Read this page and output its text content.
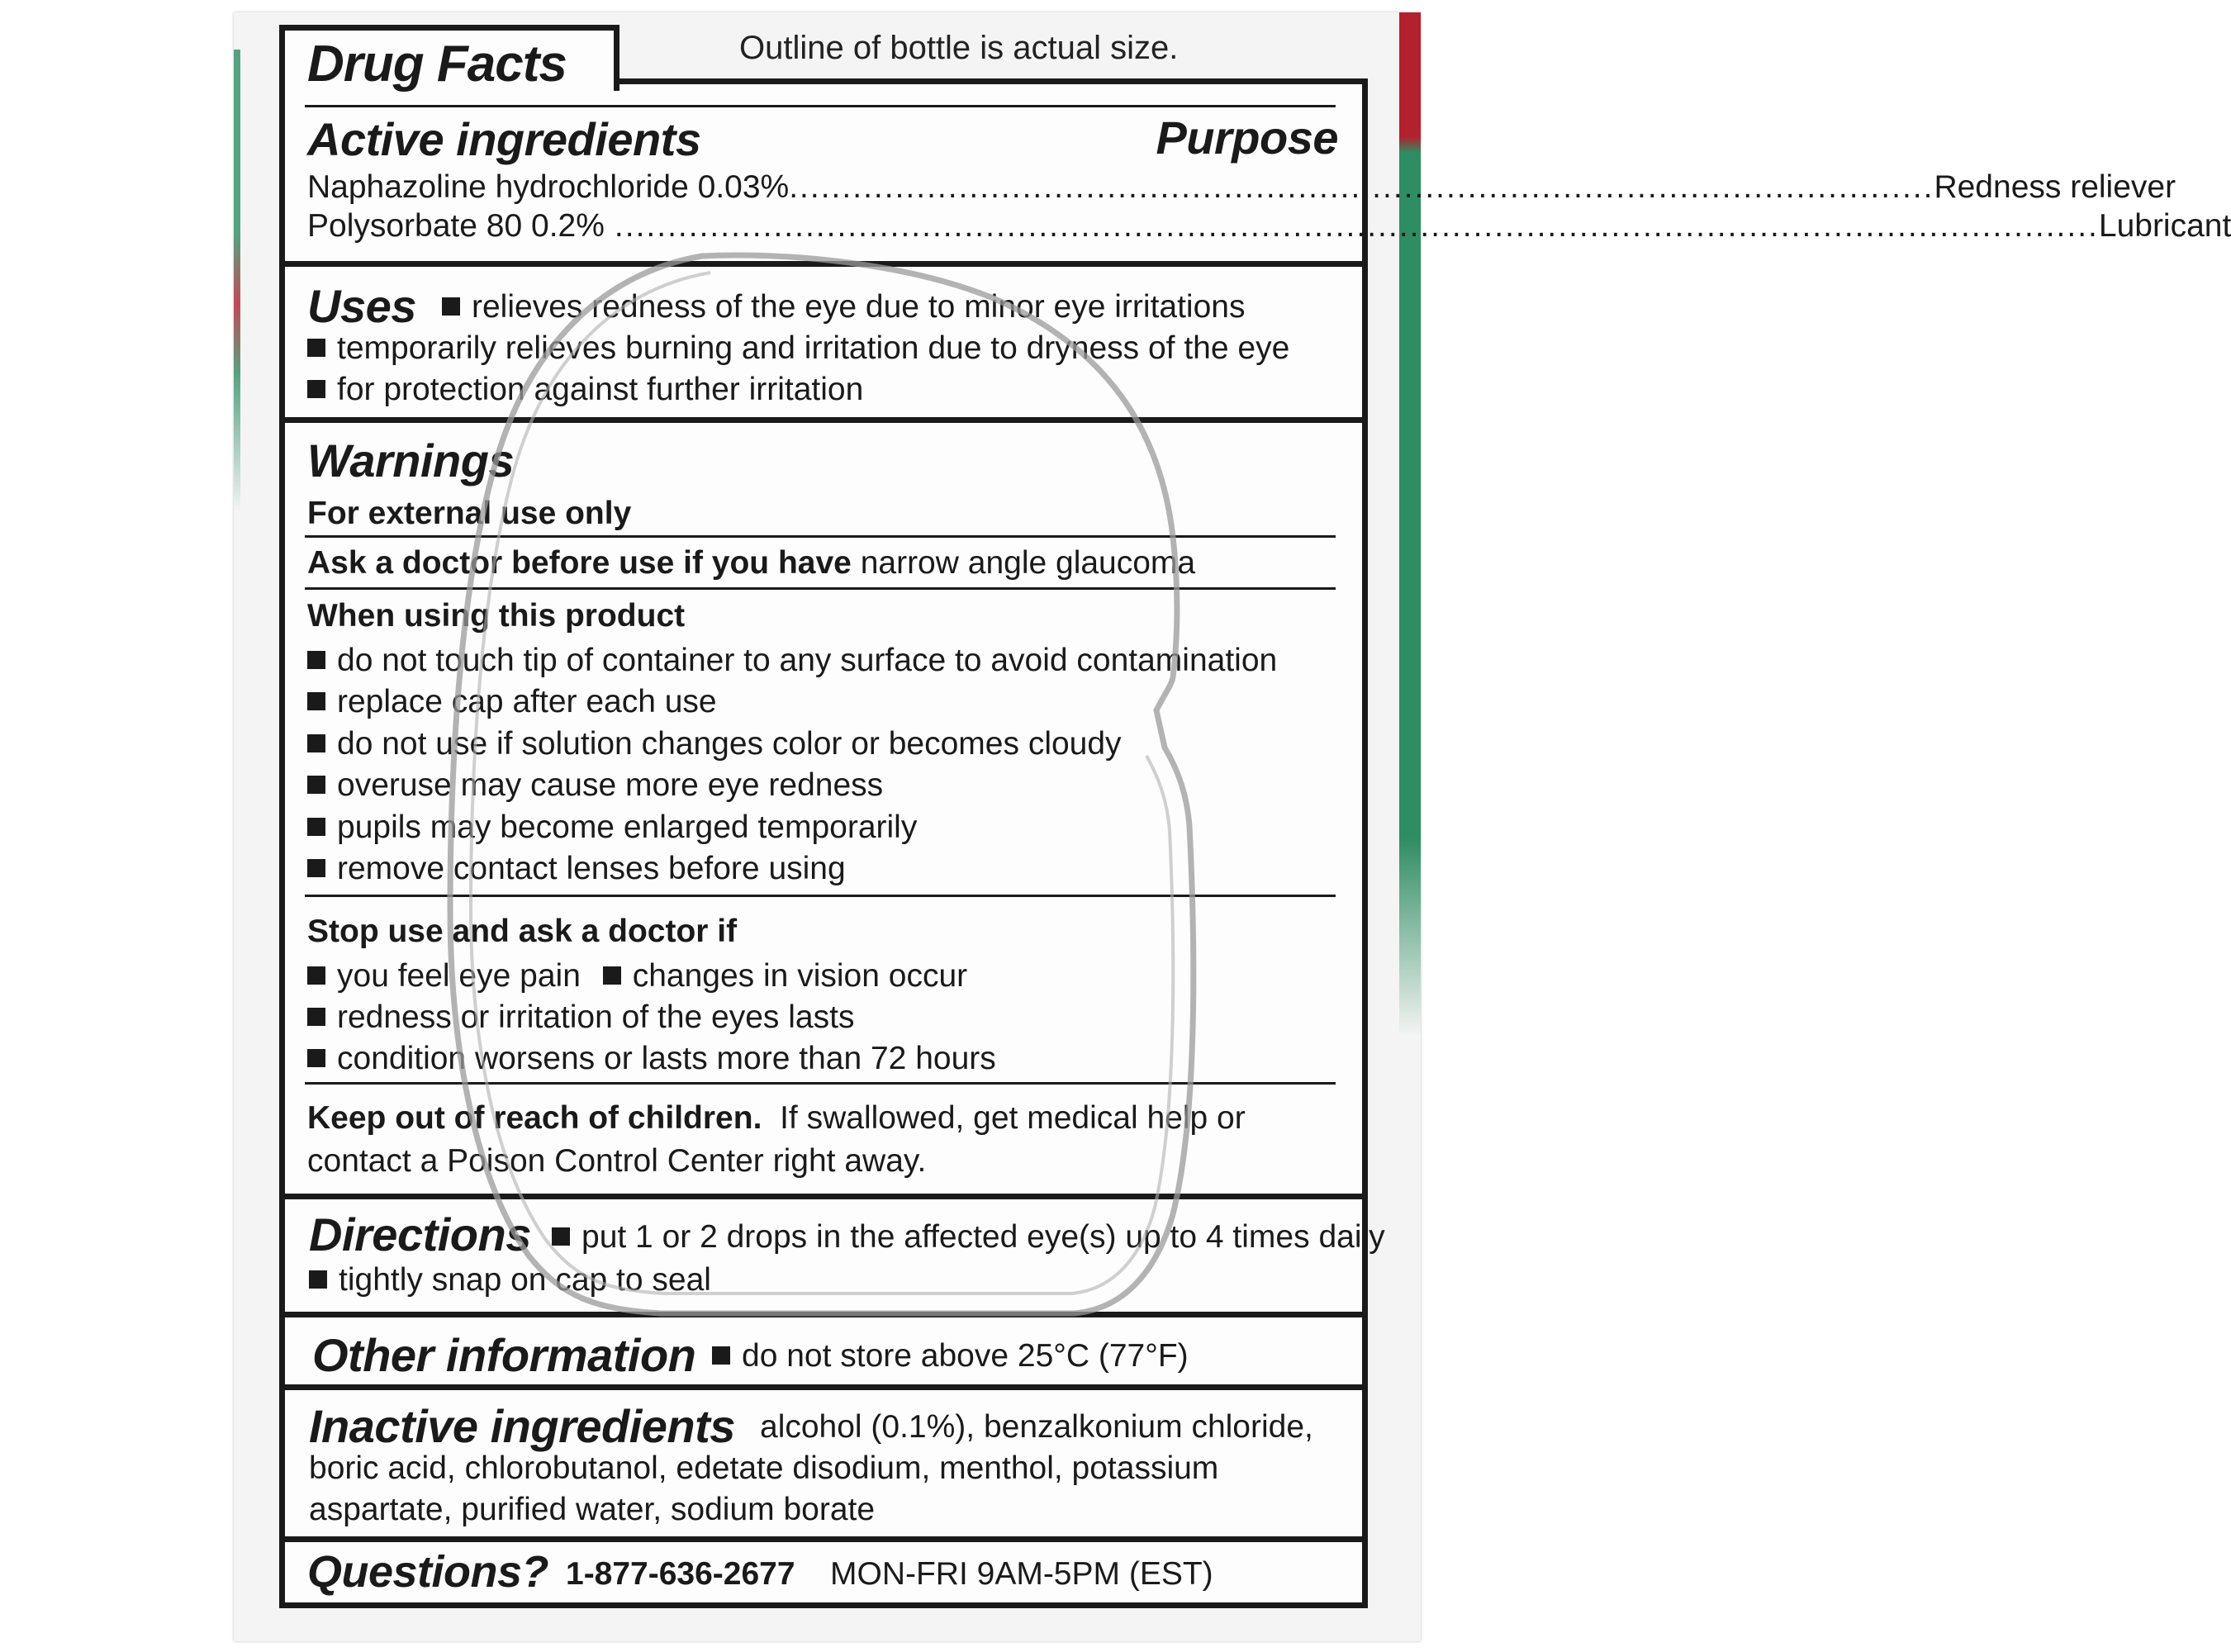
Drug Facts	Outline of bottle is actual size.
Active ingredients	Purpose
Naphazoline hydrochloride 0.03% ............................................................................................................ Redness reliever
Polysorbate 80 0.2% ............................................................................................................................................ Lubricant
Uses	relieves redness of the eye due to minor eye irritations
temporarily relieves burning and irritation due to dryness of the eye
for protection against further irritation
Warnings
For external use only
Ask a doctor before use if you have narrow angle glaucoma
When using this product
do not touch tip of container to any surface to avoid contamination
replace cap after each use
do not use if solution changes color or becomes cloudy
overuse may cause more eye redness
pupils may become enlarged temporarily
remove contact lenses before using
Stop use and ask a doctor if
you feel eye pain changes in vision occur
redness or irritation of the eyes lasts
condition worsens or lasts more than 72 hours
Keep out of reach of children. If swallowed, get medical help or
contact a Poison Control Center right away.
Directions	put 1 or 2 drops in the affected eye(s) up to 4 times daily
tightly snap on cap to seal
Other information	do not store above 25°C (77°F)
Inactive ingredients alcohol (0.1%), benzalkonium chloride,
boric acid, chlorobutanol, edetate disodium, menthol, potassium
aspartate, purified water, sodium borate
Questions? 1-877-636-2677 MON-FRI 9AM-5PM (EST)
